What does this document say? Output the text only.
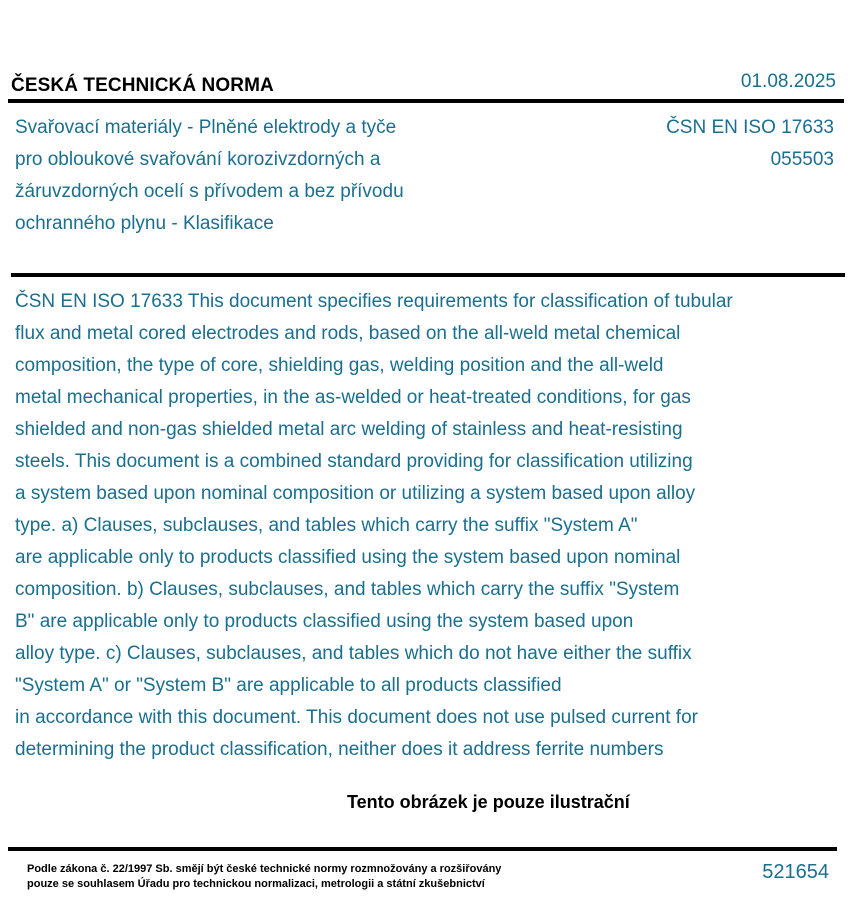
ČESKÁ TECHNICKÁ NORMA	01.08.2025
Svařovací materiály - Plněné elektrody a tyče
pro obloukové svařování korozivzdorných a
žáruvzdorných ocelí s přívodem a bez přívodu
ochranného plynu - Klasifikace
ČSN EN ISO 17633
055503
ČSN EN ISO 17633 This document specifies requirements for classification of tubular
flux and metal cored electrodes and rods, based on the all-weld metal chemical
composition, the type of core, shielding gas, welding position and the all-weld
metal mechanical properties, in the as-welded or heat-treated conditions, for gas
shielded and non-gas shielded metal arc welding of stainless and heat-resisting
steels. This document is a combined standard providing for classification utilizing
a system based upon nominal composition or utilizing a system based upon alloy
type. a) Clauses, subclauses, and tables which carry the suffix "System A"
are applicable only to products classified using the system based upon nominal
composition. b) Clauses, subclauses, and tables which carry the suffix "System
B" are applicable only to products classified using the system based upon
alloy type. c) Clauses, subclauses, and tables which do not have either the suffix
"System A" or "System B" are applicable to all products classified
in accordance with this document. This document does not use pulsed current for
determining the product classification, neither does it address ferrite numbers
Tento obrázek je pouze ilustrační
Podle zákona č. 22/1997 Sb. smějí být české technické normy rozmnožovány a rozšiřovány
pouze se souhlasem Úřadu pro technickou normalizaci, metrologii a státní zkušebnictví
521654
